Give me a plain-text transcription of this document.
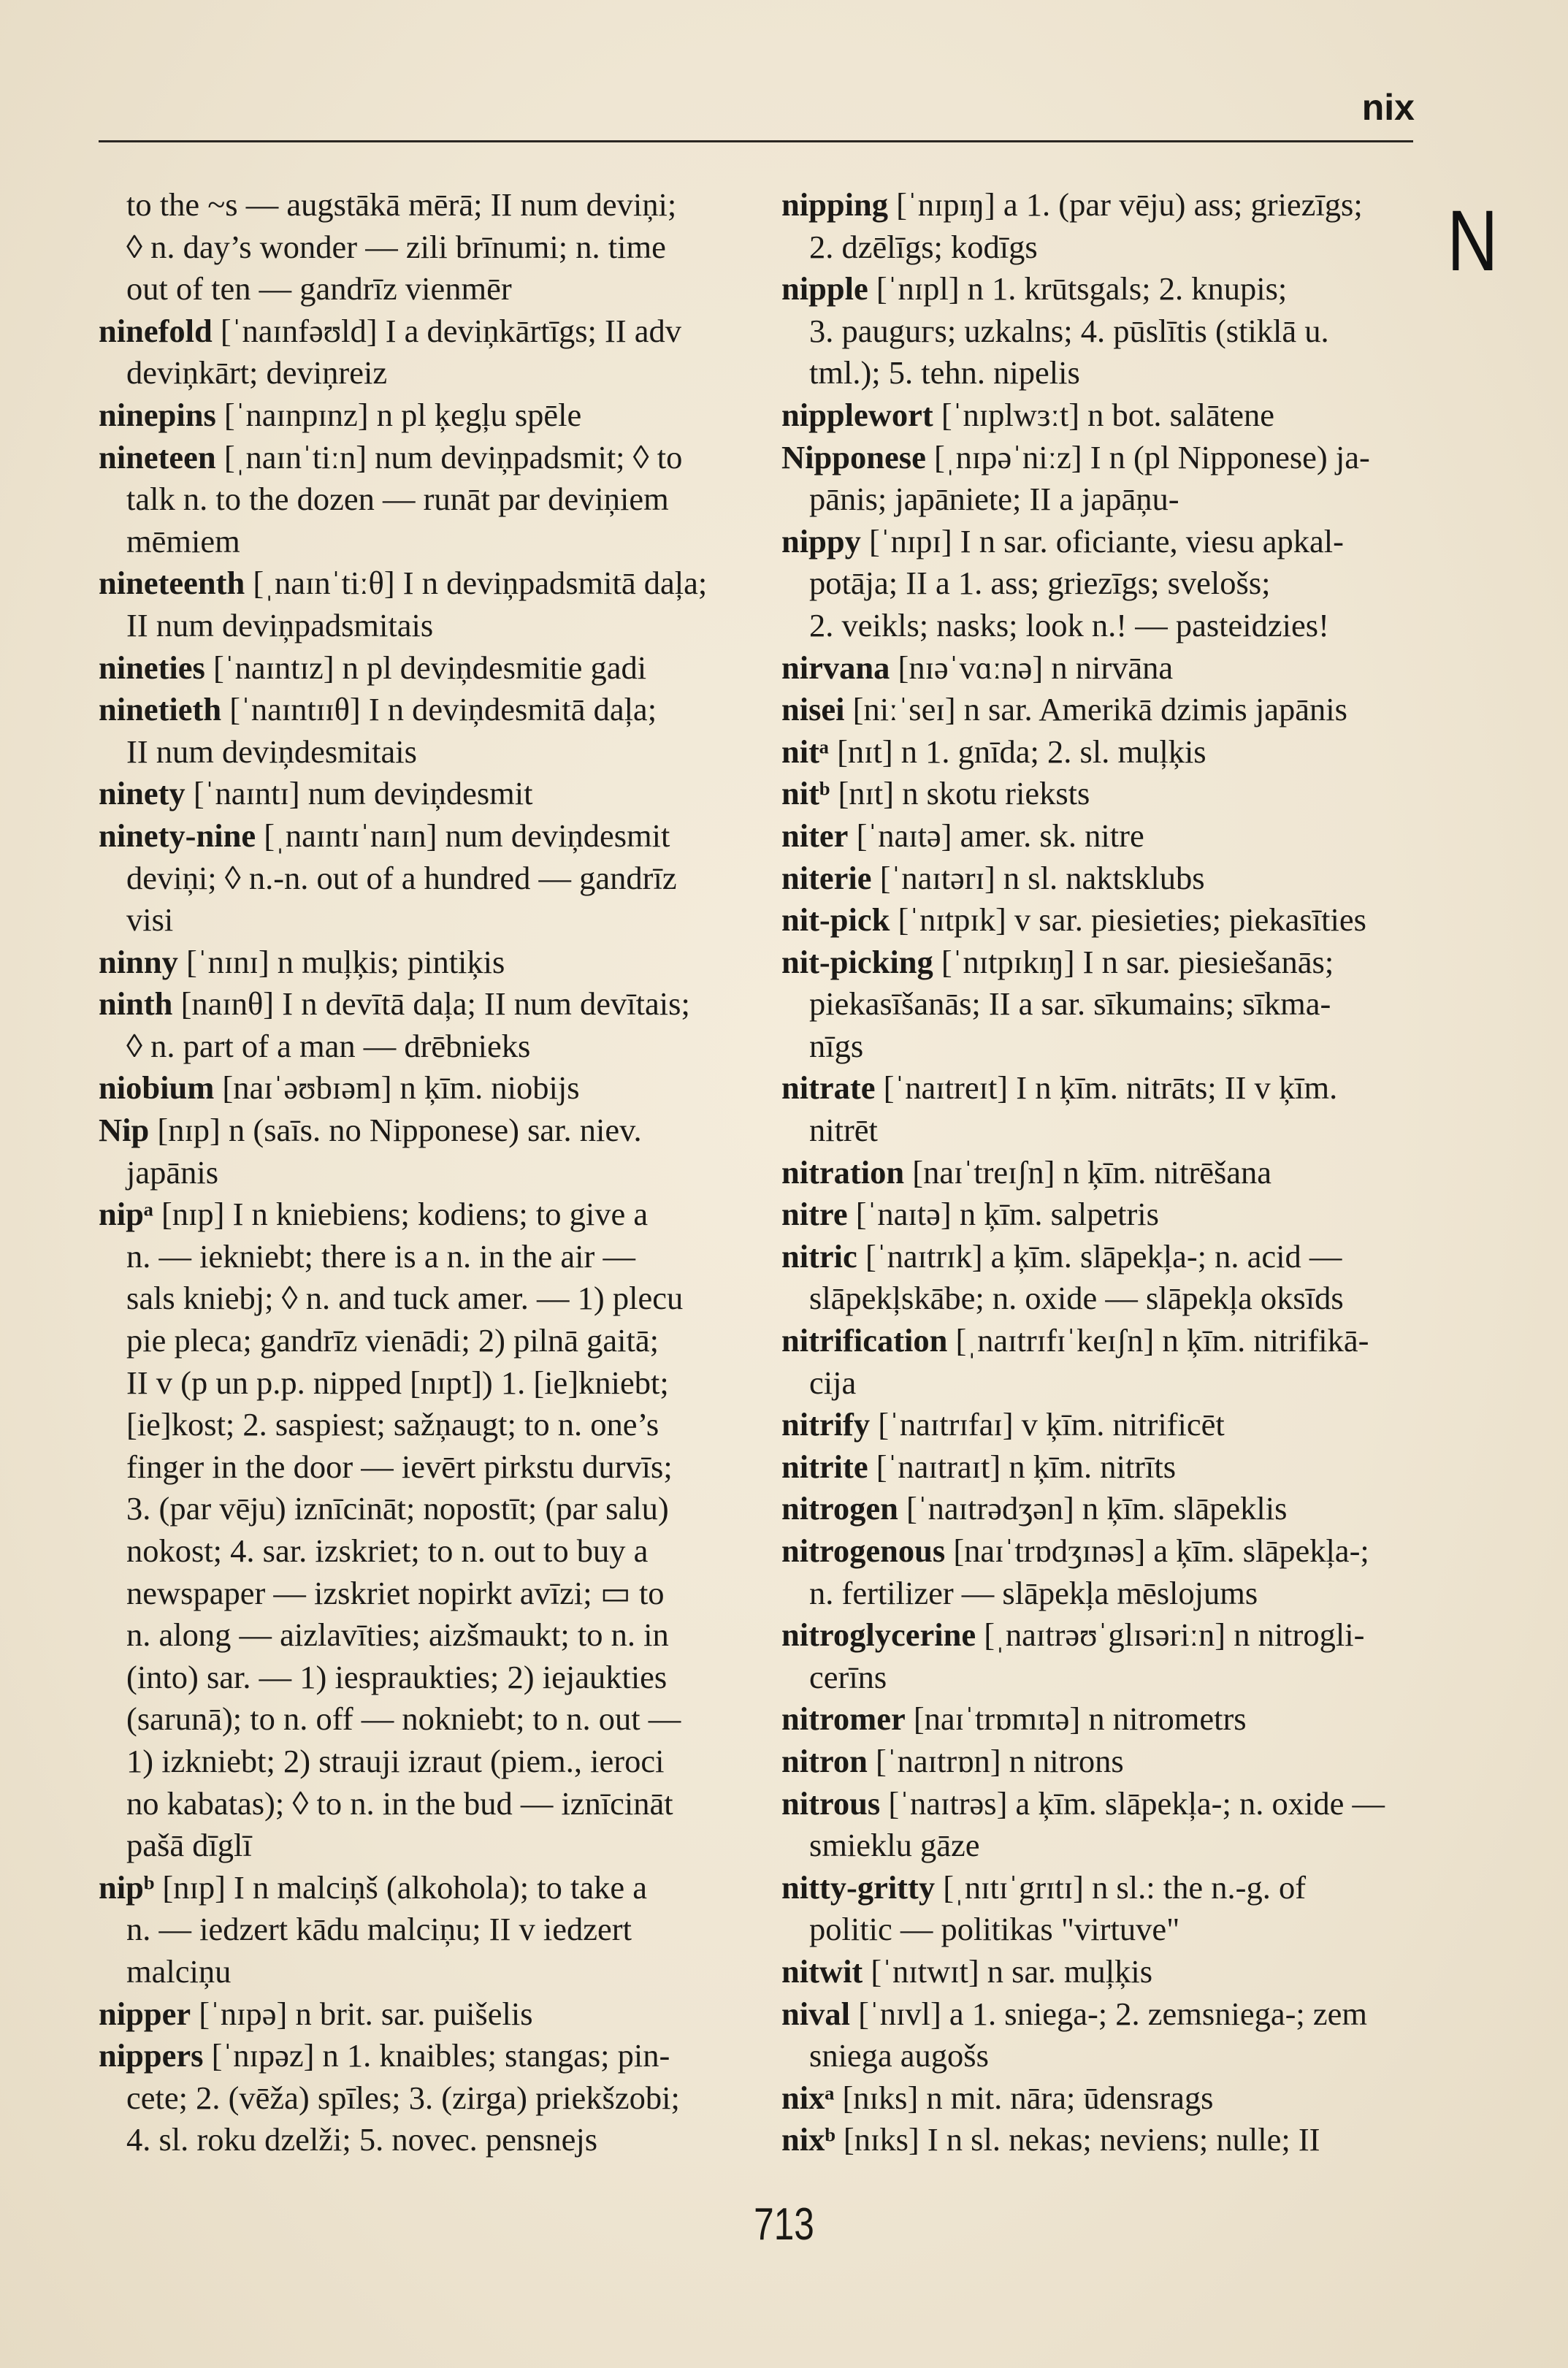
nix
N
to the ~s — augstākā mērā; II num deviņi;
◊ n. day’s wonder — zili brīnumi; n. time
out of ten — gandrīz vienmēr
ninefold [ˈnaɪnfəʊld] I a deviņkārtīgs; II adv
deviņkārt; deviņreiz
ninepins [ˈnaɪnpɪnz] n pl ķegļu spēle
nineteen [ˌnaɪnˈtiːn] num deviņpadsmit; ◊ to
talk n. to the dozen — runāt par deviņiem
mēmiem
nineteenth [ˌnaɪnˈtiːθ] I n deviņpadsmitā daļa;
II num deviņpadsmitais
nineties [ˈnaɪntɪz] n pl deviņdesmitie gadi
ninetieth [ˈnaɪntɪɪθ] I n deviņdesmitā daļa;
II num deviņdesmitais
ninety [ˈnaɪntɪ] num deviņdesmit
ninety-nine [ˌnaɪntɪˈnaɪn] num deviņdesmit
deviņi; ◊ n.-n. out of a hundred — gandrīz
visi
ninny [ˈnɪnɪ] n muļķis; pintiķis
ninth [naɪnθ] I n devītā daļa; II num devītais;
◊ n. part of a man — drēbnieks
niobium [naɪˈəʊbɪəm] n ķīm. niobijs
Nip [nɪp] n (saīs. no Nipponese) sar. niev.
japānis
nipᵃ [nɪp] I n kniebiens; kodiens; to give a
n. — iekniebt; there is a n. in the air —
sals kniebj; ◊ n. and tuck amer. — 1) plecu
pie pleca; gandrīz vienādi; 2) pilnā gaitā;
II v (p un p.p. nipped [nɪpt]) 1. [ie]kniebt;
[ie]kost; 2. saspiest; sažņaugt; to n. one’s
finger in the door — ievērt pirkstu durvīs;
3. (par vēju) iznīcināt; nopostīt; (par salu)
nokost; 4. sar. izskriet; to n. out to buy a
newspaper — izskriet nopirkt avīzi; ▭ to
n. along — aizlavīties; aizšmaukt; to n. in
(into) sar. — 1) iespraukties; 2) iejaukties
(sarunā); to n. off — nokniebt; to n. out —
1) izkniebt; 2) strauji izraut (piem., ieroci
no kabatas); ◊ to n. in the bud — iznīcināt
pašā dīglī
nipᵇ [nɪp] I n malciņš (alkohola); to take a
n. — iedzert kādu malciņu; II v iedzert
malciņu
nipper [ˈnɪpə] n brit. sar. puišelis
nippers [ˈnɪpəz] n 1. knaibles; stangas; pin-
cete; 2. (vēža) spīles; 3. (zirga) priekšzobi;
4. sl. roku dzelži; 5. novec. pensnejs
nipping [ˈnɪpɪŋ] a 1. (par vēju) ass; griezīgs;
2. dzēlīgs; kodīgs
nipple [ˈnɪpl] n 1. krūtsgals; 2. knupis;
3. pauguгs; uzkalns; 4. pūslītis (stiklā u.
tml.); 5. tehn. nipelis
nipplewort [ˈnɪplwɜːt] n bot. salātene
Nipponese [ˌnɪpəˈniːz] I n (pl Nipponese) ja-
pānis; japāniete; II a japāņu-
nippy [ˈnɪpɪ] I n sar. oficiante, viesu apkal-
potāja; II a 1. ass; griezīgs; svelošs;
2. veikls; nasks; look n.! — pasteidzies!
nirvana [nɪəˈvɑːnə] n nirvāna
nisei [niːˈseɪ] n sar. Amerikā dzimis japānis
nitᵃ [nɪt] n 1. gnīda; 2. sl. muļķis
nitᵇ [nɪt] n skotu rieksts
niter [ˈnaɪtə] amer. sk. nitre
niterie [ˈnaɪtərɪ] n sl. naktsklubs
nit-pick [ˈnɪtpɪk] v sar. piesieties; piekasīties
nit-picking [ˈnɪtpɪkɪŋ] I n sar. piesiešanās;
piekasīšanās; II a sar. sīkumains; sīkma-
nīgs
nitrate [ˈnaɪtreɪt] I n ķīm. nitrāts; II v ķīm.
nitrēt
nitration [naɪˈtreɪʃn] n ķīm. nitrēšana
nitre [ˈnaɪtə] n ķīm. salpetris
nitric [ˈnaɪtrɪk] a ķīm. slāpekļa-; n. acid —
slāpekļskābe; n. oxide — slāpekļa oksīds
nitrification [ˌnaɪtrɪfɪˈkeɪʃn] n ķīm. nitrifikā-
cija
nitrify [ˈnaɪtrɪfaɪ] v ķīm. nitrificēt
nitrite [ˈnaɪtraɪt] n ķīm. nitrīts
nitrogen [ˈnaɪtrədʒən] n ķīm. slāpeklis
nitrogenous [naɪˈtrɒdʒɪnəs] a ķīm. slāpekļa-;
n. fertilizer — slāpekļa mēslojums
nitroglycerine [ˌnaɪtrəʊˈglɪsəriːn] n nitrogli-
cerīns
nitromer [naɪˈtrɒmɪtə] n nitrometrs
nitron [ˈnaɪtrɒn] n nitrons
nitrous [ˈnaɪtrəs] a ķīm. slāpekļa-; n. oxide —
smieklu gāze
nitty-gritty [ˌnɪtɪˈgrɪtɪ] n sl.: the n.-g. of
politic — politikas "virtuve"
nitwit [ˈnɪtwɪt] n sar. muļķis
nival [ˈnɪvl] a 1. sniega-; 2. zemsniega-; zem
sniega augošs
nixᵃ [nɪks] n mit. nāra; ūdensrags
nixᵇ [nɪks] I n sl. nekas; neviens; nulle; II
713
